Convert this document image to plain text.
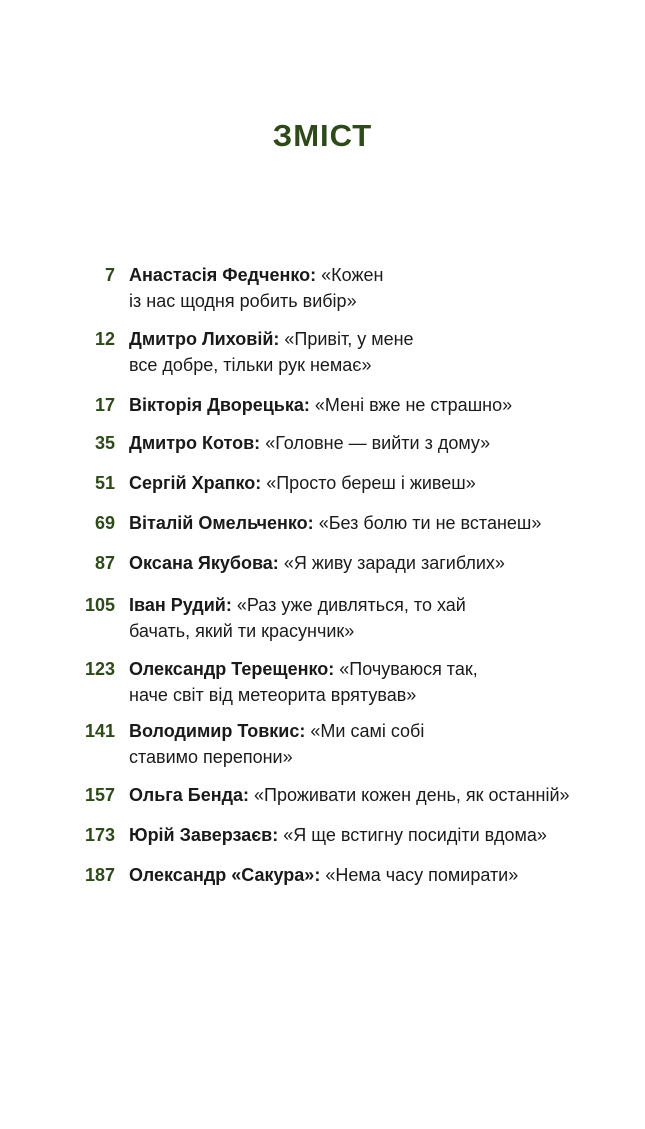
ЗМІСТ
7 Анастасія Федченко: «Кожен
із нас щодня робить вибір»
12 Дмитро Лиховій: «Привіт, у мене
все добре, тільки рук немає»
17 Вікторія Дворецька: «Мені вже не страшно»
35 Дмитро Котов: «Головне — вийти з дому»
51 Сергій Храпко: «Просто береш і живеш»
69 Віталій Омельченко: «Без болю ти не встанеш»
87 Оксана Якубова: «Я живу заради загиблих»
105 Іван Рудий: «Раз уже дивляться, то хай
бачать, який ти красунчик»
123 Олександр Терещенко: «Почуваюся так,
наче світ від метеорита врятував»
141 Володимир Товкис: «Ми самі собі
ставимо перепони»
157 Ольга Бенда: «Проживати кожен день, як останній»
173 Юрій Заверзаєв: «Я ще встигну посидіти вдома»
187 Олександр «Сакура»: «Нема часу помирати»
